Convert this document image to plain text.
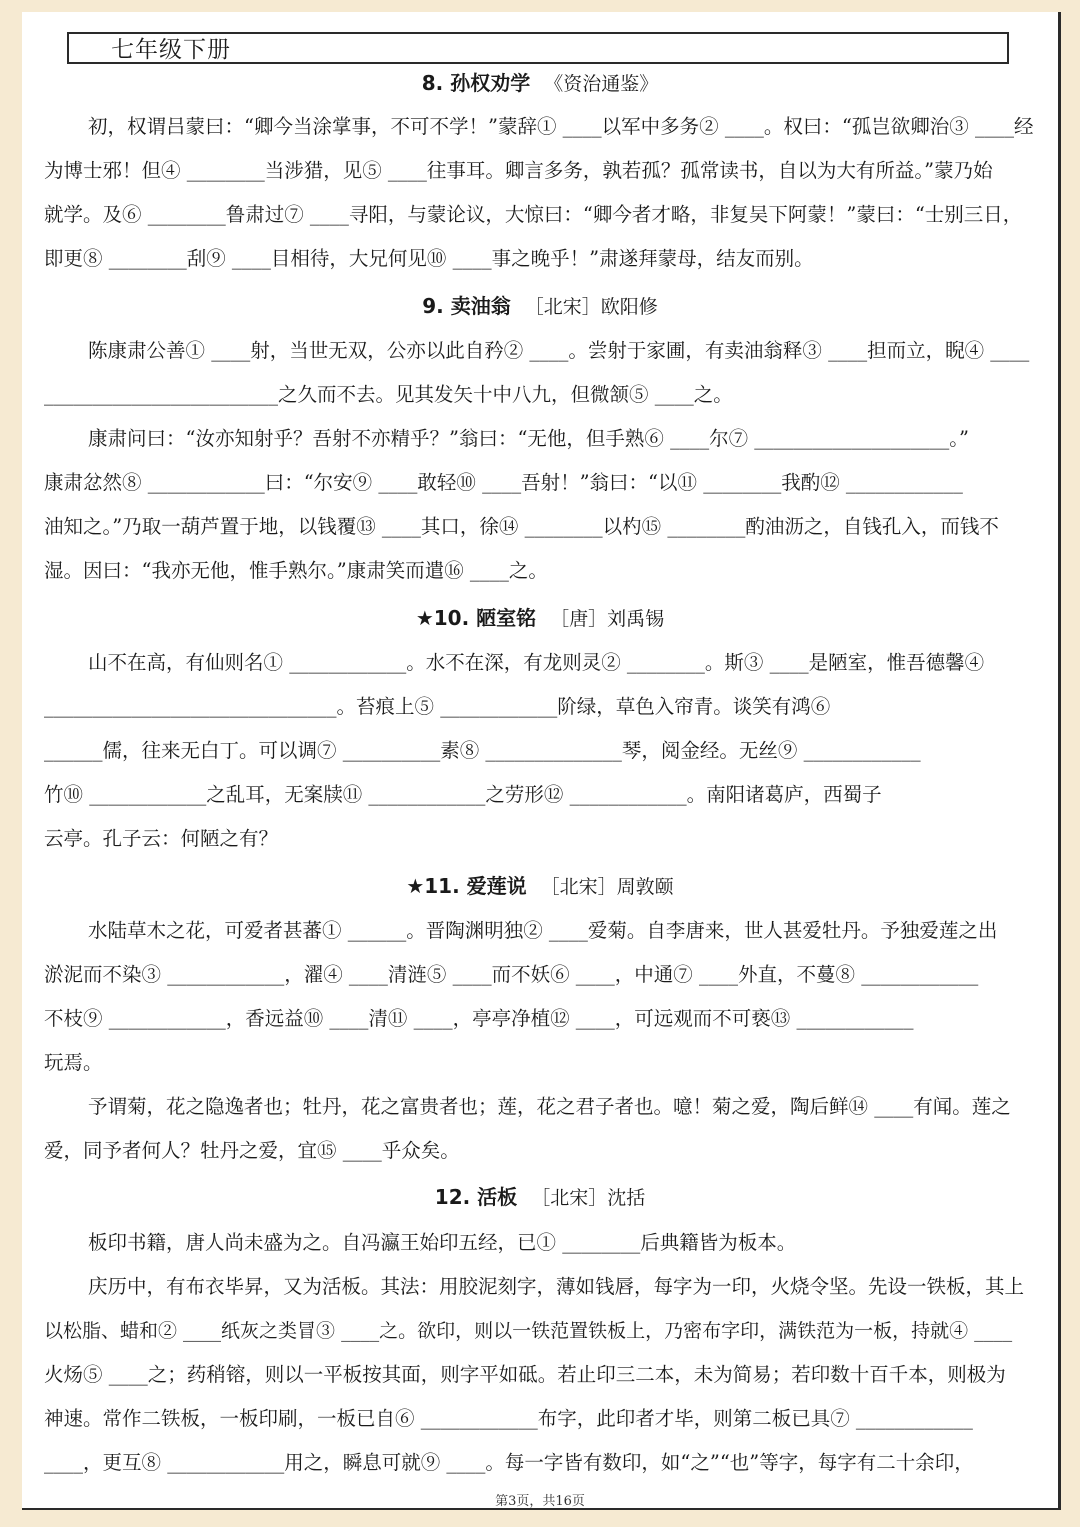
七年级下册
8. 孙权劝学 《资治通鉴》
初，权谓吕蒙曰：“卿今当涂掌事，不可不学！”蒙辞① ____以军中多务② ____。权曰：“孤岂欲卿治③ ____经
为博士邪！但④ ________当涉猎，见⑤ ____往事耳。卿言多务，孰若孤？孤常读书，自以为大有所益。”蒙乃始
就学。及⑥ ________鲁肃过⑦ ____寻阳，与蒙论议，大惊曰：“卿今者才略，非复吴下阿蒙！”蒙曰：“士别三日，
即更⑧ ________刮⑨ ____目相待，大兄何见⑩ ____事之晚乎！”肃遂拜蒙母，结友而别。
9. 卖油翁 ［北宋］欧阳修
陈康肃公善① ____射，当世无双，公亦以此自矜② ____。尝射于家圃，有卖油翁释③ ____担而立，睨④ ____
________________________之久而不去。见其发矢十中八九，但微颔⑤ ____之。
康肃问曰：“汝亦知射乎？吾射不亦精乎？”翁曰：“无他，但手熟⑥ ____尔⑦ ____________________。”
康肃忿然⑧ ____________曰：“尔安⑨ ____敢轻⑩ ____吾射！”翁曰：“以⑪ ________我酌⑫ ____________
油知之。”乃取一葫芦置于地，以钱覆⑬ ____其口，徐⑭ ________以杓⑮ ________酌油沥之，自钱孔入，而钱不
湿。因曰：“我亦无他，惟手熟尔。”康肃笑而遣⑯ ____之。
★10. 陋室铭 ［唐］刘禹锡
山不在高，有仙则名① ____________。水不在深，有龙则灵② ________。斯③ ____是陋室，惟吾德馨④
______________________________。苔痕上⑤ ____________阶绿，草色入帘青。谈笑有鸿⑥
______儒，往来无白丁。可以调⑦ __________素⑧ ______________琴，阅金经。无丝⑨ ____________
竹⑩ ____________之乱耳，无案牍⑪ ____________之劳形⑫ ____________。南阳诸葛庐，西蜀子
云亭。孔子云：何陋之有？
★11. 爱莲说 ［北宋］周敦颐
水陆草木之花，可爱者甚蕃① ______。晋陶渊明独② ____爱菊。自李唐来，世人甚爱牡丹。予独爱莲之出
淤泥而不染③ ____________，濯④ ____清涟⑤ ____而不妖⑥ ____，中通⑦ ____外直，不蔓⑧ ____________
不枝⑨ ____________，香远益⑩ ____清⑪ ____，亭亭净植⑫ ____，可远观而不可亵⑬ ____________
玩焉。
予谓菊，花之隐逸者也；牡丹，花之富贵者也；莲，花之君子者也。噫！菊之爱，陶后鲜⑭ ____有闻。莲之
爱，同予者何人？牡丹之爱，宜⑮ ____乎众矣。
12. 活板 ［北宋］沈括
板印书籍，唐人尚未盛为之。自冯瀛王始印五经，已① ________后典籍皆为板本。
庆历中，有布衣毕昇，又为活板。其法：用胶泥刻字，薄如钱唇，每字为一印，火烧令坚。先设一铁板，其上
以松脂、蜡和② ____纸灰之类冒③ ____之。欲印，则以一铁范置铁板上，乃密布字印，满铁范为一板，持就④ ____
火炀⑤ ____之；药稍镕，则以一平板按其面，则字平如砥。若止印三二本，未为简易；若印数十百千本，则极为
神速。常作二铁板，一板印刷，一板已自⑥ ____________布字，此印者才毕，则第二板已具⑦ ____________
____，更互⑧ ____________用之，瞬息可就⑨ ____。每一字皆有数印，如“之”“也”等字，每字有二十余印，
第3页，共16页
